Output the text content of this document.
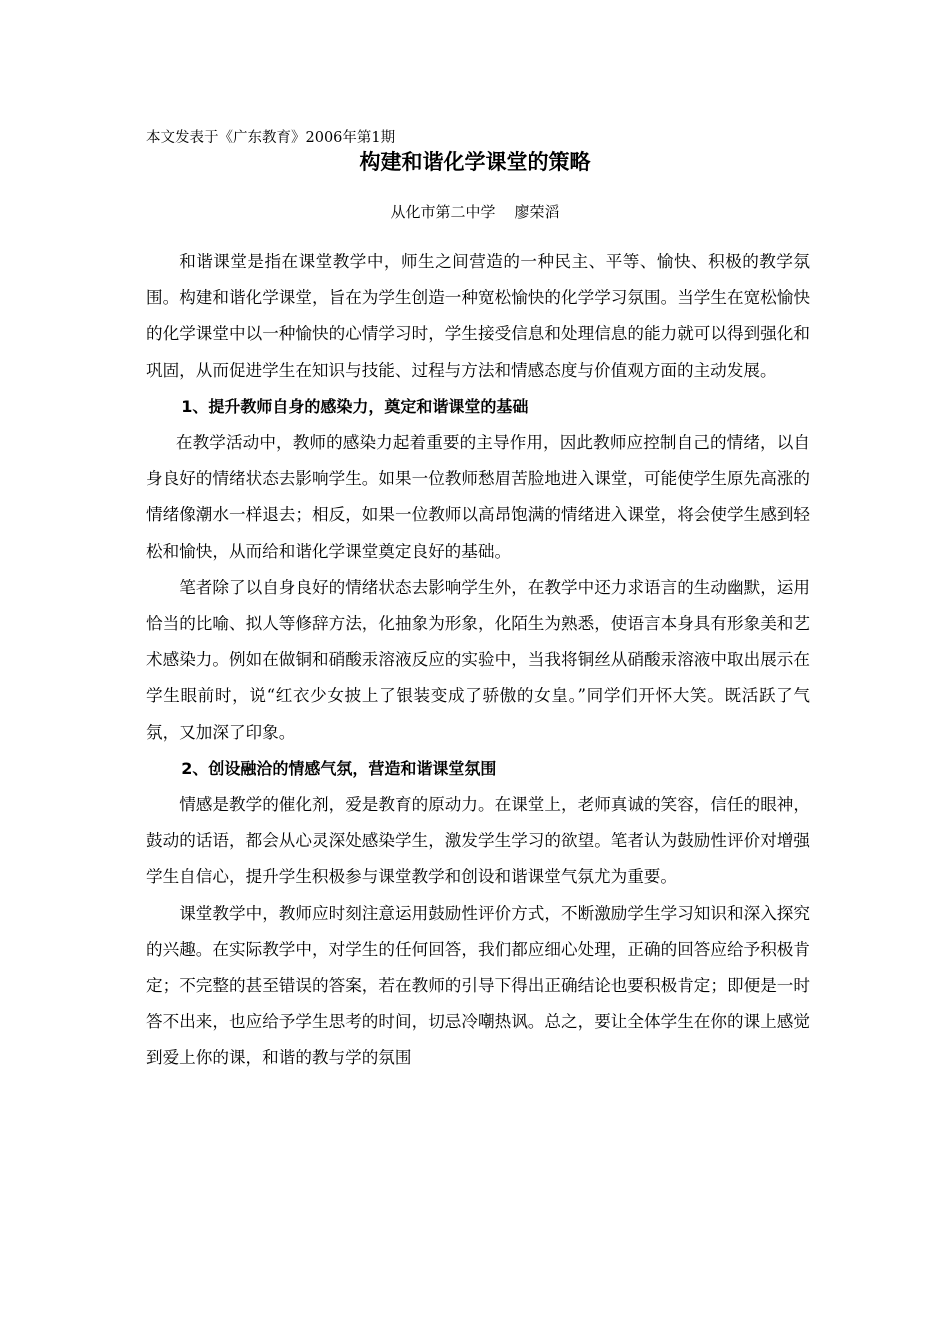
本文发表于《广东教育》2006年第1期
构建和谐化学课堂的策略
从化市第二中学    廖荣滔

和谐课堂是指在课堂教学中，师生之间营造的一种民主、平等、愉快、积极的教学氛围。构建和谐化学课堂，旨在为学生创造一种宽松愉快的化学学习氛围。当学生在宽松愉快的化学课堂中以一种愉快的心情学习时，学生接受信息和处理信息的能力就可以得到强化和巩固，从而促进学生在知识与技能、过程与方法和情感态度与价值观方面的主动发展。

1、提升教师自身的感染力，奠定和谐课堂的基础

在教学活动中，教师的感染力起着重要的主导作用，因此教师应控制自己的情绪，以自身良好的情绪状态去影响学生。如果一位教师愁眉苦脸地进入课堂，可能使学生原先高涨的情绪像潮水一样退去；相反，如果一位教师以高昂饱满的情绪进入课堂，将会使学生感到轻松和愉快，从而给和谐化学课堂奠定良好的基础。

笔者除了以自身良好的情绪状态去影响学生外，在教学中还力求语言的生动幽默，运用恰当的比喻、拟人等修辞方法，化抽象为形象，化陌生为熟悉，使语言本身具有形象美和艺术感染力。例如在做铜和硝酸汞溶液反应的实验中，当我将铜丝从硝酸汞溶液中取出展示在学生眼前时，说“红衣少女披上了银装变成了骄傲的女皇。”同学们开怀大笑。既活跃了气氛，又加深了印象。

2、创设融洽的情感气氛，营造和谐课堂氛围

情感是教学的催化剂，爱是教育的原动力。在课堂上，老师真诚的笑容，信任的眼神，鼓动的话语，都会从心灵深处感染学生，激发学生学习的欲望。笔者认为鼓励性评价对增强学生自信心，提升学生积极参与课堂教学和创设和谐课堂气氛尤为重要。

课堂教学中，教师应时刻注意运用鼓励性评价方式，不断激励学生学习知识和深入探究的兴趣。在实际教学中，对学生的任何回答，我们都应细心处理，正确的回答应给予积极肯定；不完整的甚至错误的答案，若在教师的引导下得出正确结论也要积极肯定；即便是一时答不出来，也应给予学生思考的时间，切忌冷嘲热讽。总之，要让全体学生在你的课上感觉到爱上你的课，和谐的教与学的氛围
